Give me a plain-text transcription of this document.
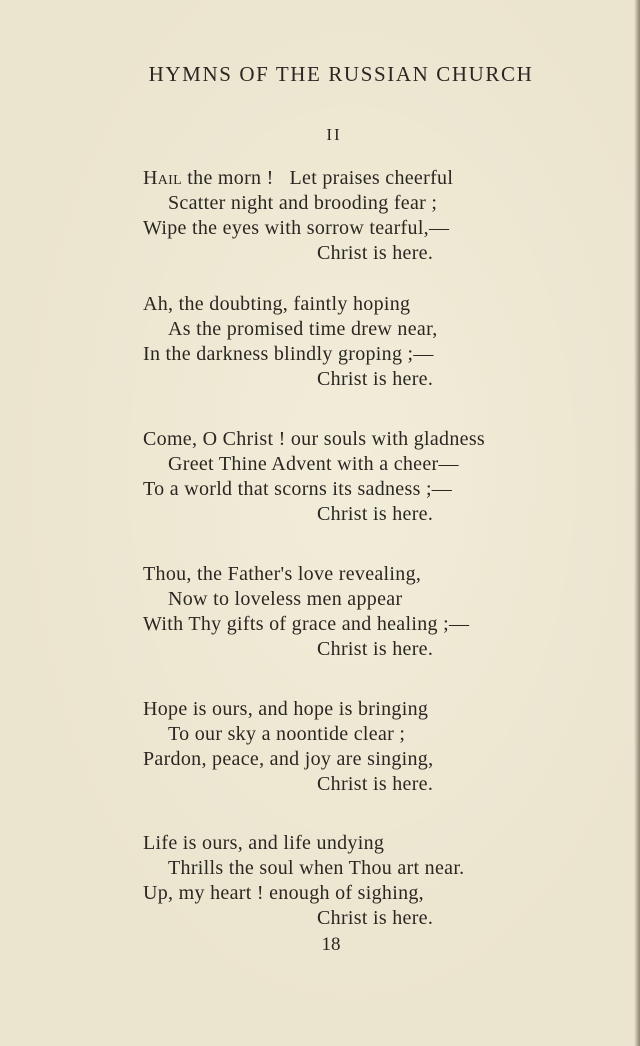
HYMNS OF THE RUSSIAN CHURCH
II
Hail the morn !   Let praises cheerful
Scatter night and brooding fear ;
Wipe the eyes with sorrow tearful,—
Christ is here.
Ah, the doubting, faintly hoping
As the promised time drew near,
In the darkness blindly groping ;—
Christ is here.
Come, O Christ ! our souls with gladness
Greet Thine Advent with a cheer—
To a world that scorns its sadness ;—
Christ is here.
Thou, the Father's love revealing,
Now to loveless men appear
With Thy gifts of grace and healing ;—
Christ is here.
Hope is ours, and hope is bringing
To our sky a noontide clear ;
Pardon, peace, and joy are singing,
Christ is here.
Life is ours, and life undying
Thrills the soul when Thou art near.
Up, my heart ! enough of sighing,
Christ is here.
18
